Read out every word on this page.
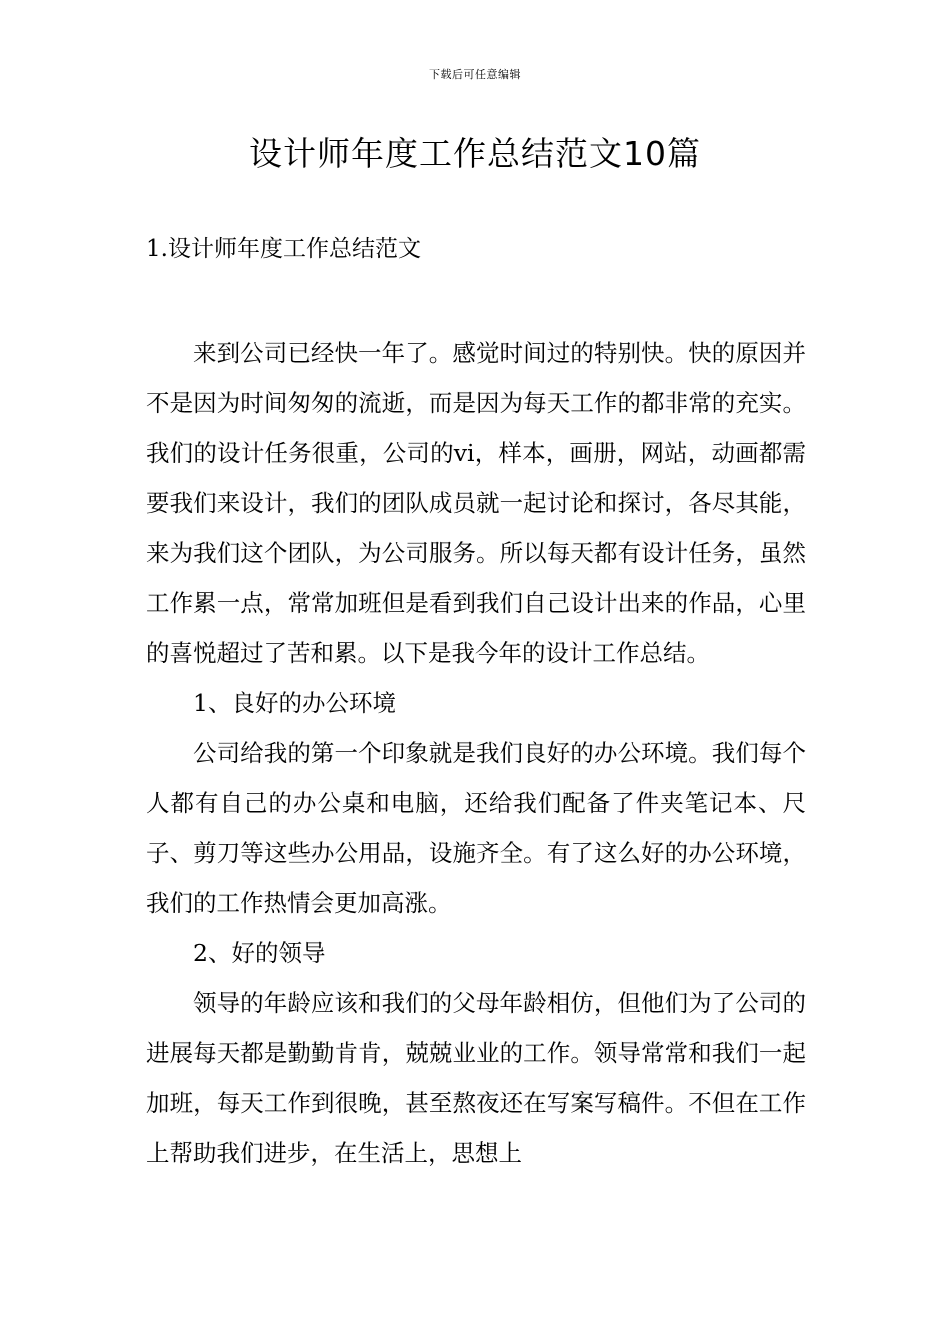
下载后可任意编辑
设计师年度工作总结范文10篇
1.设计师年度工作总结范文

来到公司已经快一年了。感觉时间过的特别快。快的原因并不是因为时间匆匆的流逝，而是因为每天工作的都非常的充实。我们的设计任务很重，公司的vi，样本，画册，网站，动画都需要我们来设计，我们的团队成员就一起讨论和探讨，各尽其能，来为我们这个团队，为公司服务。所以每天都有设计任务，虽然工作累一点，常常加班但是看到我们自己设计出来的作品，心里的喜悦超过了苦和累。以下是我今年的设计工作总结。

1、良好的办公环境

公司给我的第一个印象就是我们良好的办公环境。我们每个人都有自己的办公桌和电脑，还给我们配备了件夹笔记本、尺子、剪刀等这些办公用品，设施齐全。有了这么好的办公环境，我们的工作热情会更加高涨。

2、好的领导

领导的年龄应该和我们的父母年龄相仿，但他们为了公司的进展每天都是勤勤肯肯，兢兢业业的工作。领导常常和我们一起加班，每天工作到很晚，甚至熬夜还在写案写稿件。不但在工作上帮助我们进步，在生活上，思想上
